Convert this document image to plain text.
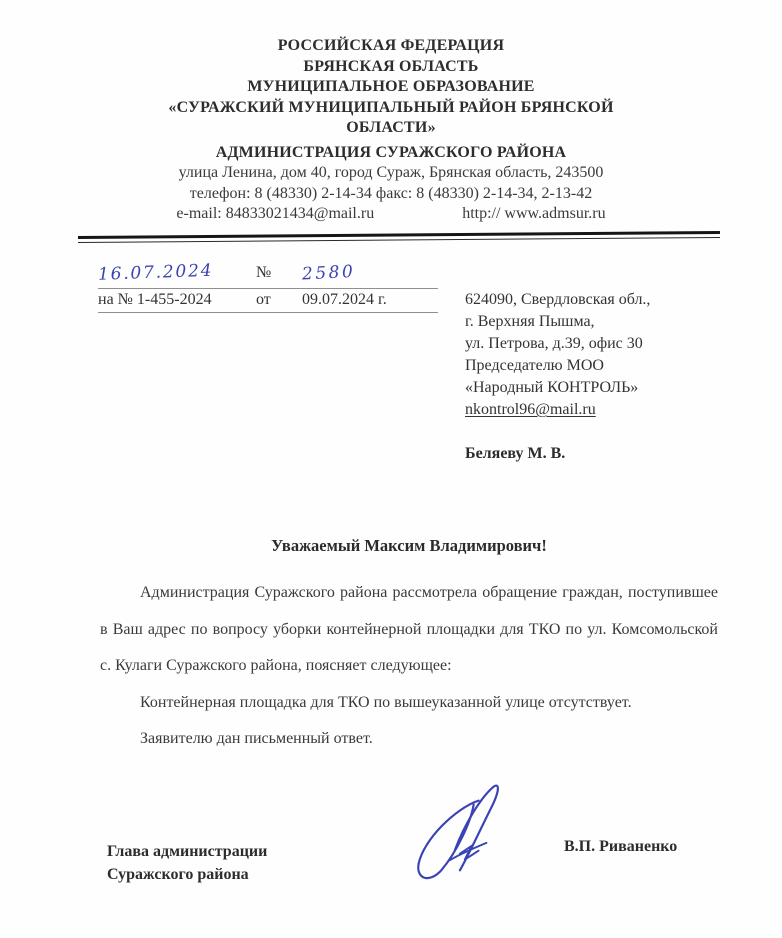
РОССИЙСКАЯ ФЕДЕРАЦИЯ
БРЯНСКАЯ ОБЛАСТЬ
МУНИЦИПАЛЬНОЕ ОБРАЗОВАНИЕ
«СУРАЖСКИЙ МУНИЦИПАЛЬНЫЙ РАЙОН БРЯНСКОЙ
ОБЛАСТИ»
АДМИНИСТРАЦИЯ СУРАЖСКОГО РАЙОНА
улица Ленина, дом 40, город Сураж, Брянская область, 243500
телефон: 8 (48330) 2-14-34 факс: 8 (48330) 2-14-34, 2-13-42
e-mail: 84833021434@mail.ru	http:// www.admsur.ru
16.07.2024	№	2580
на № 1-455-2024	от	09.07.2024 г.	624090, Свердловская обл.,
г. Верхняя Пышма,
ул. Петрова, д.39, офис 30
Председателю МОО
«Народный КОНТРОЛЬ»
nkontrol96@mail.ru
Беляеву М. В.
Уважаемый Максим Владимирович!

Администрация Суражского района рассмотрела обращение граждан, поступившее в Ваш адрес по вопросу уборки контейнерной площадки для ТКО по ул. Комсомольской с. Кулаги Суражского района, поясняет следующее:

Контейнерная площадка для ТКО по вышеуказанной улице отсутствует.

Заявителю дан письменный ответ.

Глава администрации
Суражского района
В.П. Риваненко
